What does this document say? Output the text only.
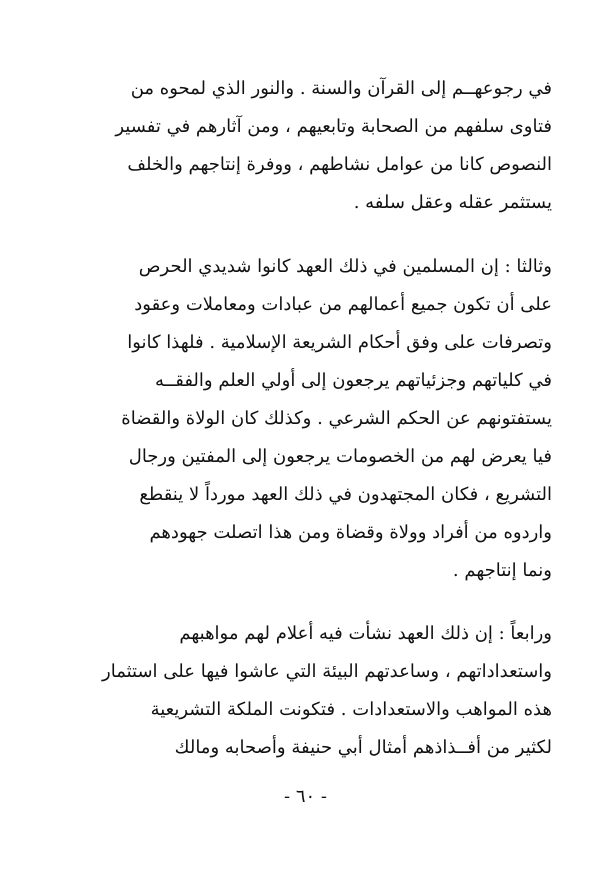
في رجوعهــم إلى القرآن والسنة . والنور الذي لمحوه من
فتاوى سلفهم من الصحابة وتابعيهم ، ومن آثارهم في تفسير
النصوص كانا من عوامل نشاطهم ، ووفرة إنتاجهم والخلف
يستثمر عقله وعقل سلفه .
وثالثا : إن المسلمين في ذلك العهد كانوا شديدي الحرص
على أن تكون جميع أعمالهم من عبادات ومعاملات وعقود
وتصرفات على وفق أحكام الشريعة الإسلامية . فلهذا كانوا
في كلياتهم وجزئياتهم يرجعون إلى أولي العلم والفقــه
يستفتونهم عن الحكم الشرعي . وكذلك كان الولاة والقضاة
فيا يعرض لهم من الخصومات يرجعون إلى المفتين ورجال
التشريع ، فكان المجتهدون في ذلك العهد مورداً لا ينقطع
واردوه من أفراد وولاة وقضاة ومن هذا اتصلت جهودهم
ونما إنتاجهم .
ورابعاً : إن ذلك العهد نشأت فيه أعلام لهم مواهبهم
واستعداداتهم ، وساعدتهم البيئة التي عاشوا فيها على استثمار
هذه المواهب والاستعدادات . فتكونت الملكة التشريعية
لكثير من أفــذاذهم أمثال أبي حنيفة وأصحابه ومالك
- ٦٠ -
